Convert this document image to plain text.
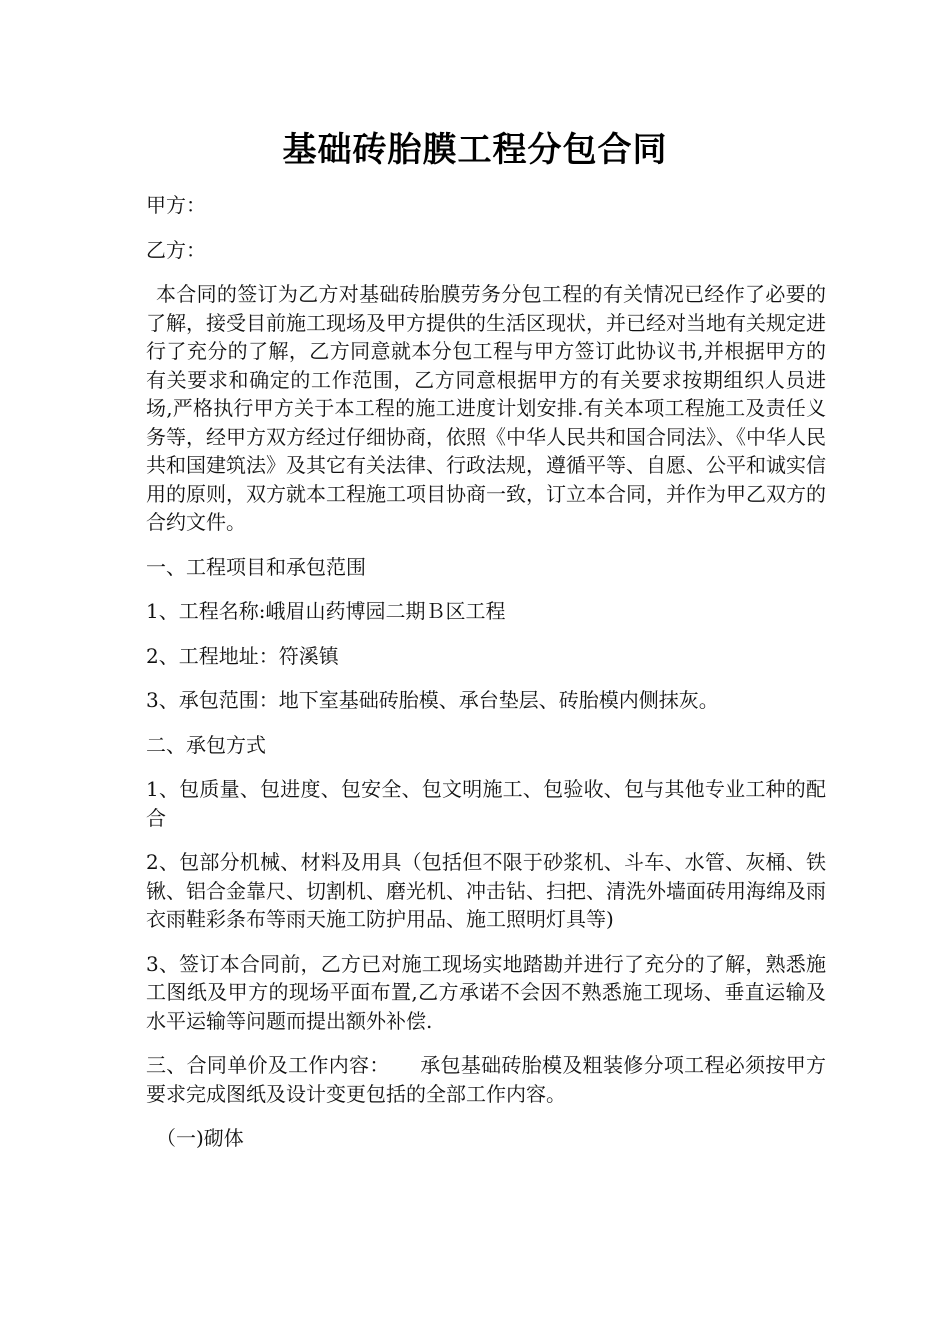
基础砖胎膜工程分包合同

甲方：

乙方：

本合同的签订为乙方对基础砖胎膜劳务分包工程的有关情况已经作了必要的了解，接受目前施工现场及甲方提供的生活区现状，并已经对当地有关规定进行了充分的了解，乙方同意就本分包工程与甲方签订此协议书,并根据甲方的有关要求和确定的工作范围，乙方同意根据甲方的有关要求按期组织人员进场,严格执行甲方关于本工程的施工进度计划安排.有关本项工程施工及责任义务等，经甲方双方经过仔细协商，依照《中华人民共和国合同法》、《中华人民共和国建筑法》及其它有关法律、行政法规，遵循平等、自愿、公平和诚实信用的原则，双方就本工程施工项目协商一致，订立本合同，并作为甲乙双方的合约文件。

一、工程项目和承包范围

1、工程名称:峨眉山药博园二期Ｂ区工程

2、工程地址：符溪镇

3、承包范围：地下室基础砖胎模、承台垫层、砖胎模内侧抹灰。

二、承包方式

1、包质量、包进度、包安全、包文明施工、包验收、包与其他专业工种的配合

2、包部分机械、材料及用具（包括但不限于砂浆机、斗车、水管、灰桶、铁锹、铝合金靠尺、切割机、磨光机、冲击钻、扫把、清洗外墙面砖用海绵及雨衣雨鞋彩条布等雨天施工防护用品、施工照明灯具等)

3、签订本合同前，乙方已对施工现场实地踏勘并进行了充分的了解，熟悉施工图纸及甲方的现场平面布置,乙方承诺不会因不熟悉施工现场、垂直运输及水平运输等问题而提出额外补偿.

三、合同单价及工作内容：　　承包基础砖胎模及粗装修分项工程必须按甲方要求完成图纸及设计变更包括的全部工作内容。

（一)砌体
